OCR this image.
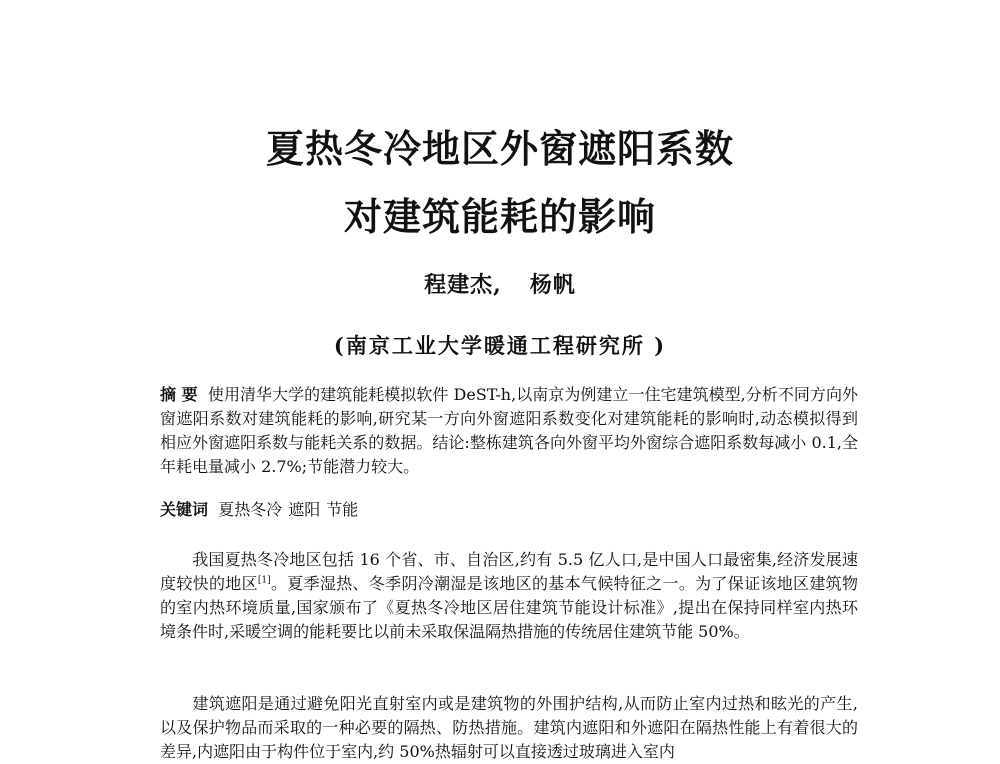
夏热冬冷地区外窗遮阳系数
对建筑能耗的影响
程建杰, 杨帆
(南京工业大学暖通工程研究所 )
摘 要 使用清华大学的建筑能耗模拟软件 DeST-h,以南京为例建立一住宅建筑模型,分析不同方向外窗遮阳系数对建筑能耗的影响,研究某一方向外窗遮阳系数变化对建筑能耗的影响时,动态模拟得到相应外窗遮阳系数与能耗关系的数据。结论:整栋建筑各向外窗平均外窗综合遮阳系数每减小 0.1,全年耗电量减小 2.7%;节能潜力较大。
关键词 夏热冬冷 遮阳 节能
我国夏热冬冷地区包括 16 个省、市、自治区,约有 5.5 亿人口,是中国人口最密集,经济发展速度较快的地区[1]。夏季湿热、冬季阴冷潮湿是该地区的基本气候特征之一。为了保证该地区建筑物的室内热环境质量,国家颁布了《夏热冬冷地区居住建筑节能设计标准》,提出在保持同样室内热环境条件时,采暖空调的能耗要比以前未采取保温隔热措施的传统居住建筑节能 50%。
建筑遮阳是通过避免阳光直射室内或是建筑物的外围护结构,从而防止室内过热和眩光的产生,以及保护物品而采取的一种必要的隔热、防热措施。建筑内遮阳和外遮阳在隔热性能上有着很大的差异,内遮阳由于构件位于室内,约 50%热辐射可以直接透过玻璃进入室内
